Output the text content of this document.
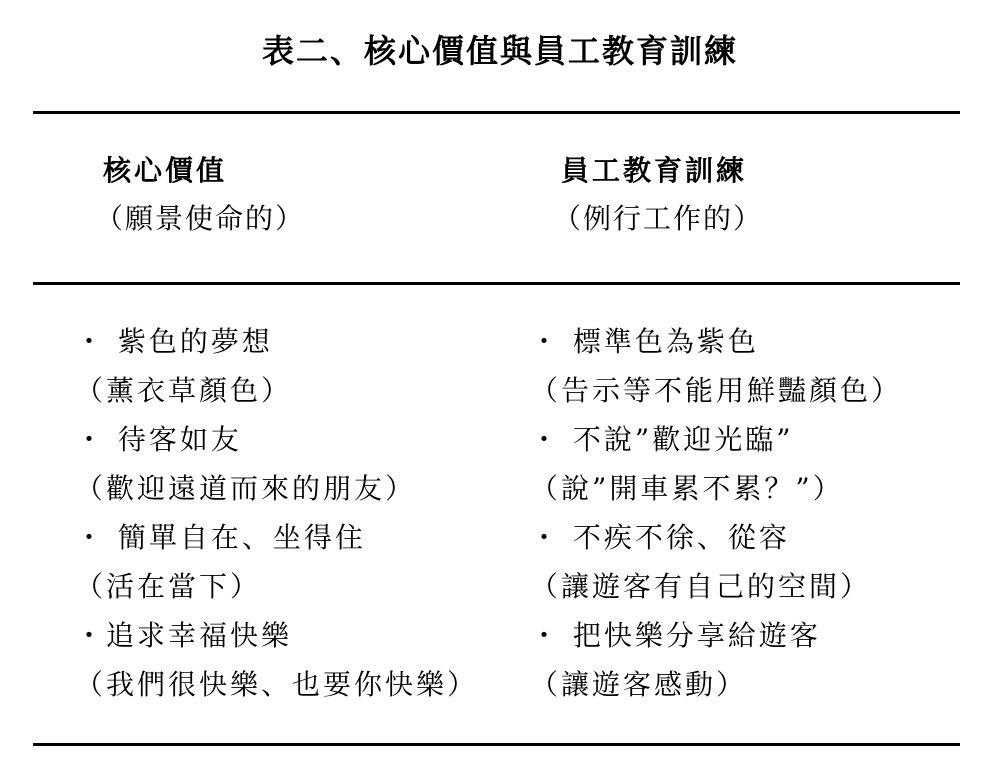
表二、核心價值與員工教育訓練
核心價值
（願景使命的）
員工教育訓練
（例行工作的）
・ 紫色的夢想
（薰衣草顏色）
・ 待客如友
（歡迎遠道而來的朋友）
・ 簡單自在、坐得住
（活在當下）
・追求幸福快樂
（我們很快樂、也要你快樂）
・ 標準色為紫色
（告示等不能用鮮豔顏色）
・ 不說”歡迎光臨”
（說”開車累不累？”）
・ 不疾不徐、從容
（讓遊客有自己的空間）
・ 把快樂分享給遊客
（讓遊客感動）
